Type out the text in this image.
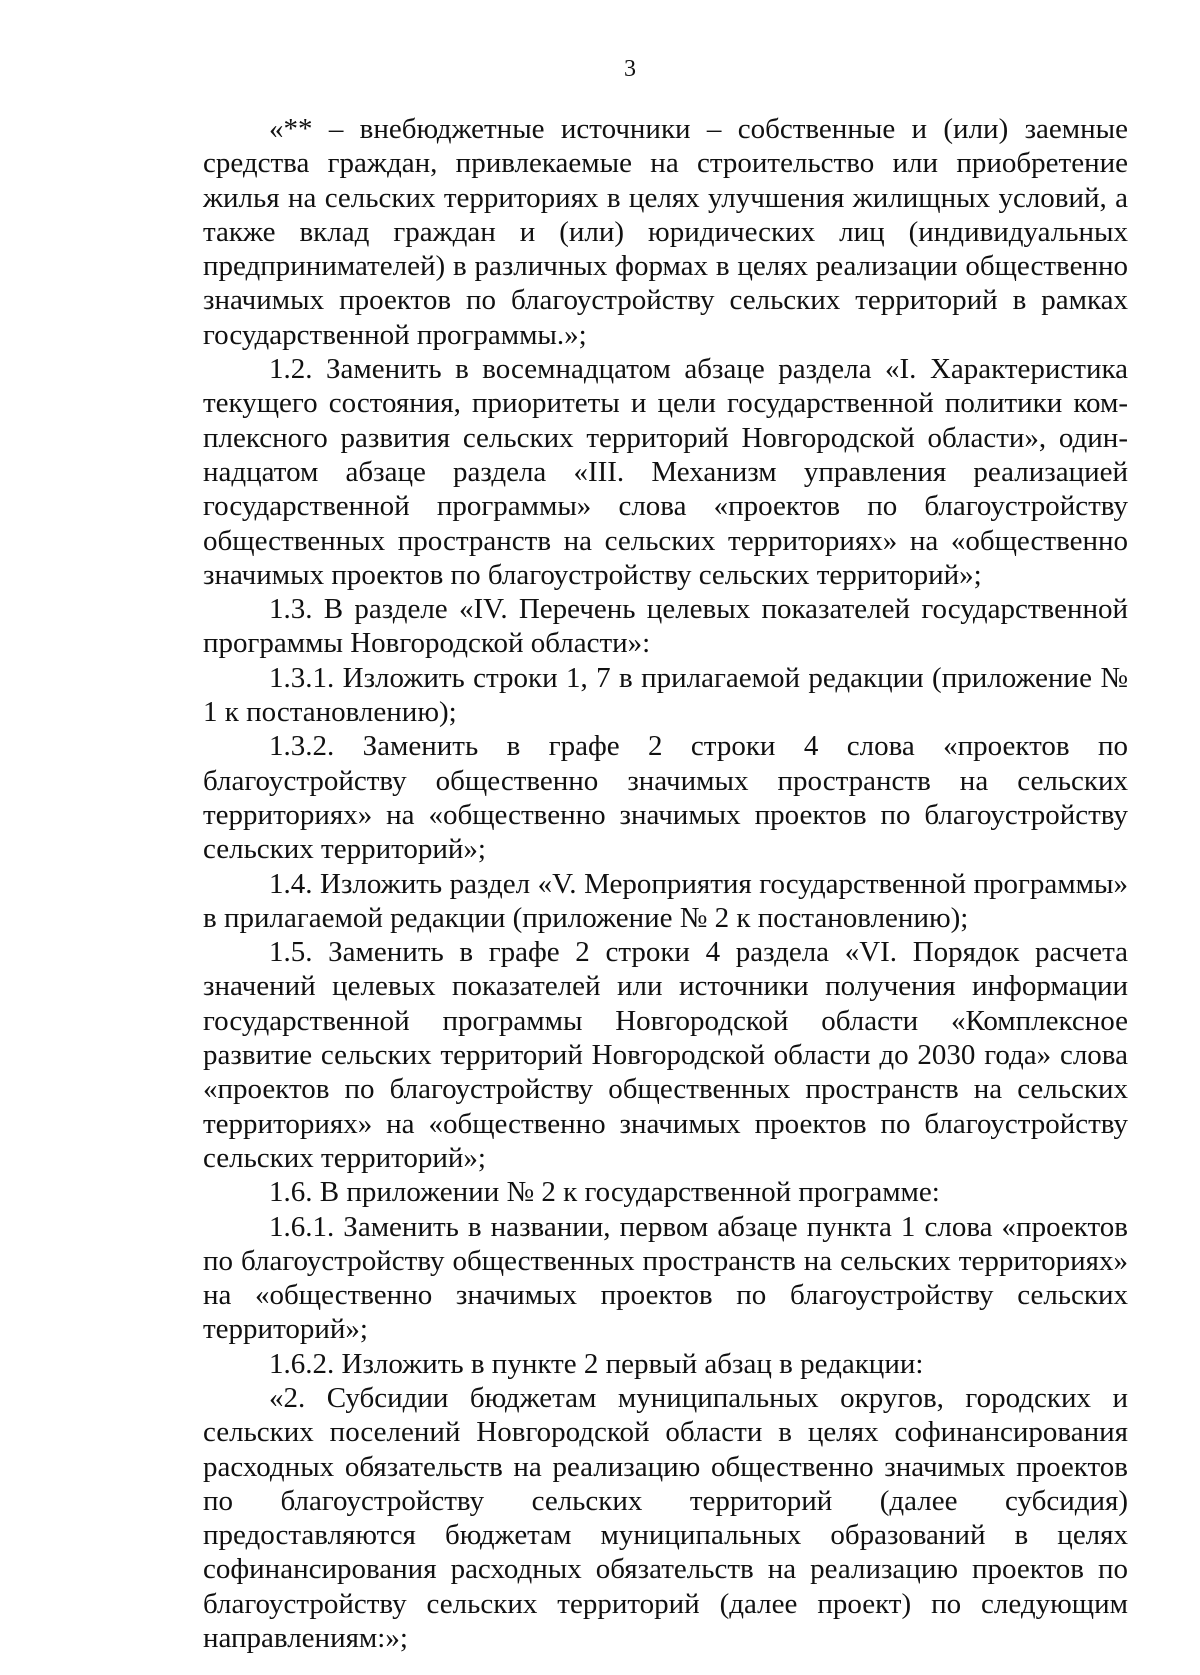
3

«** – внебюджетные источники – собственные и (или) заемные средства граждан, привлекаемые на строительство или приобретение жилья на сельских территориях в целях улучшения жилищных условий, а также вклад граждан и (или) юридических лиц (индивидуальных предпринимателей) в различных формах в целях реализации общественно значимых проектов по благоустройству сельских территорий в рамках государственной программы.»;

1.2. Заменить в восемнадцатом абзаце раздела «I. Характеристика текущего состояния, приоритеты и цели государственной политики комплексного развития сельских территорий Новгородской области», одиннадцатом абзаце раздела «III. Механизм управления реализацией государственной программы» слова «проектов по благоустройству общественных пространств на сельских территориях» на «общественно значимых проектов по благоустройству сельских территорий»;

1.3. В разделе «IV. Перечень целевых показателей государственной программы Новгородской области»:

1.3.1. Изложить строки 1, 7 в прилагаемой редакции (приложение № 1 к постановлению);

1.3.2. Заменить в графе 2 строки 4 слова «проектов по благоустройству общественно значимых пространств на сельских территориях» на «общественно значимых проектов по благоустройству сельских территорий»;

1.4. Изложить раздел «V. Мероприятия государственной программы» в прилагаемой редакции (приложение № 2 к постановлению);

1.5. Заменить в графе 2 строки 4 раздела «VI. Порядок расчета значений целевых показателей или источники получения информации государственной программы Новгородской области «Комплексное развитие сельских территорий Новгородской области до 2030 года» слова «проектов по благоустройству общественных пространств на сельских территориях» на «общественно значимых проектов по благоустройству сельских территорий»;

1.6. В приложении № 2 к государственной программе:

1.6.1. Заменить в названии, первом абзаце пункта 1 слова «проектов по благоустройству общественных пространств на сельских территориях» на «общественно значимых проектов по благоустройству сельских территорий»;

1.6.2. Изложить в пункте 2 первый абзац в редакции:

«2. Субсидии бюджетам муниципальных округов, городских и сельских поселений Новгородской области в целях софинансирования расходных обязательств на реализацию общественно значимых проектов по благоустройству сельских территорий (далее субсидия) предоставляются бюджетам муниципальных образований в целях софинансирования расходных обязательств на реализацию проектов по благоустройству сельских территорий (далее проект) по следующим направлениям:»;
